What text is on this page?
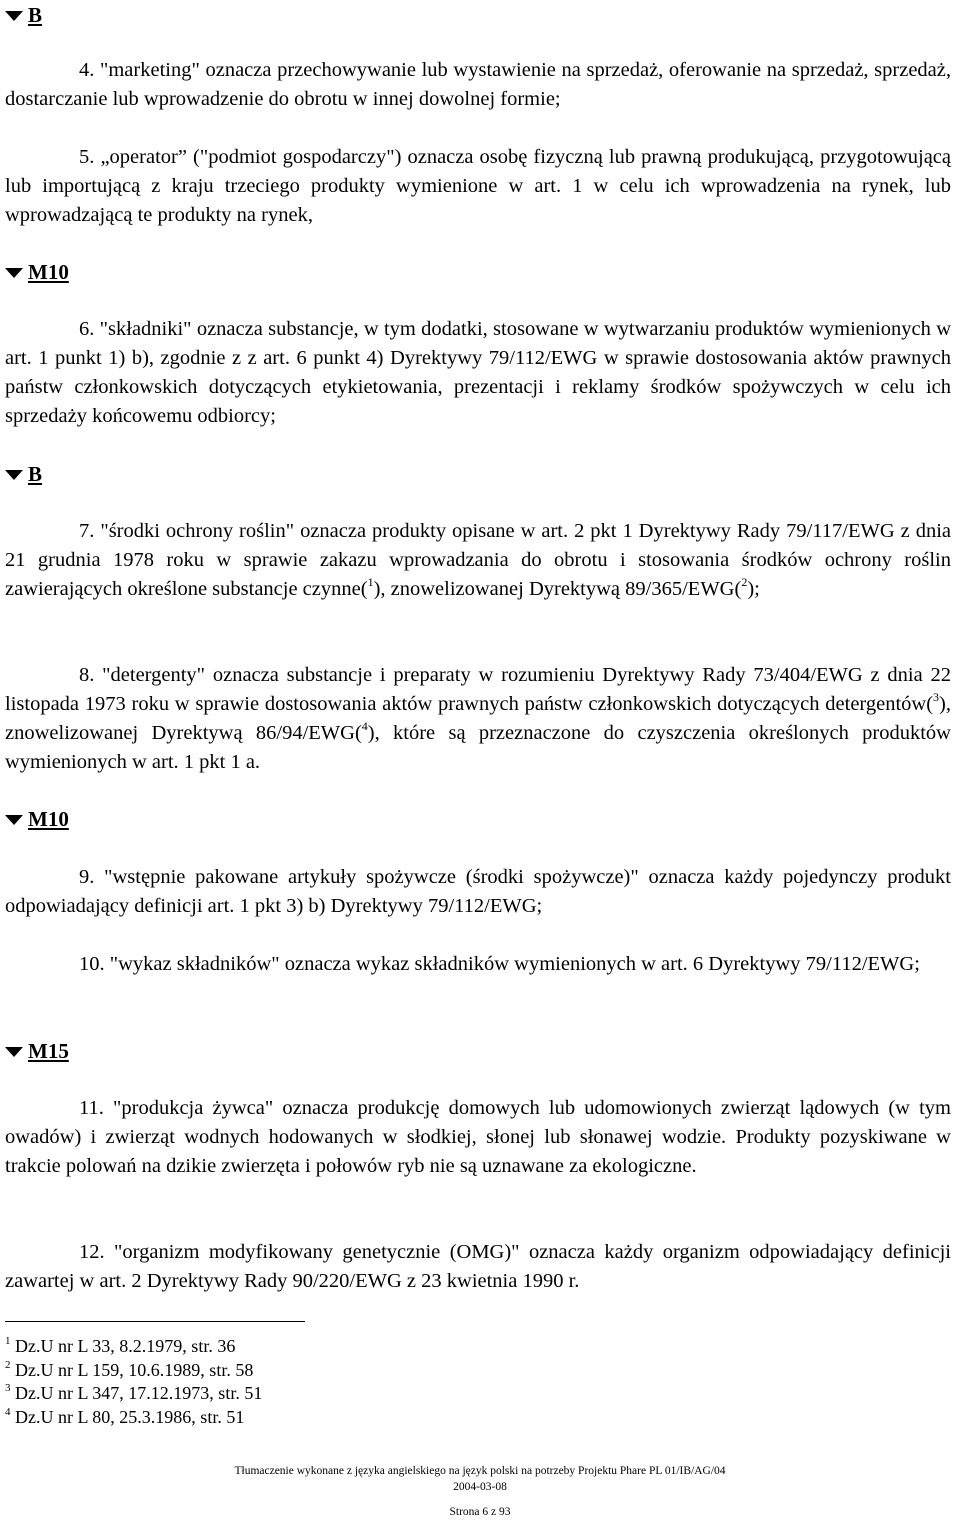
B

4. "marketing" oznacza przechowywanie lub wystawienie na sprzedaż, oferowanie na sprzedaż, sprzedaż, dostarczanie lub wprowadzenie do obrotu w innej dowolnej formie;

5. „operator” ("podmiot gospodarczy") oznacza osobę fizyczną lub prawną produkującą, przygotowującą lub importującą z kraju trzeciego produkty wymienione w art. 1 w celu ich wprowadzenia na rynek, lub wprowadzającą te produkty na rynek,

M10

6. "składniki" oznacza substancje, w tym dodatki, stosowane w wytwarzaniu produktów wymienionych w art. 1 punkt 1) b), zgodnie z z art. 6 punkt 4) Dyrektywy 79/112/EWG w sprawie dostosowania aktów prawnych państw członkowskich dotyczących etykietowania, prezentacji i reklamy środków spożywczych w celu ich sprzedaży końcowemu odbiorcy;

B

7. "środki ochrony roślin" oznacza produkty opisane w art. 2 pkt 1 Dyrektywy Rady 79/117/EWG z dnia 21 grudnia 1978 roku w sprawie zakazu wprowadzania do obrotu i stosowania środków ochrony roślin zawierających określone substancje czynne($^1$), znowelizowanej Dyrektywą 89/365/EWG($^2$);

8. "detergenty" oznacza substancje i preparaty w rozumieniu Dyrektywy Rady 73/404/EWG z dnia 22 listopada 1973 roku w sprawie dostosowania aktów prawnych państw członkowskich dotyczących detergentów($^3$), znowelizowanej Dyrektywą 86/94/EWG($^4$), które są przeznaczone do czyszczenia określonych produktów wymienionych w art. 1 pkt 1 a.

M10

9. "wstępnie pakowane artykuły spożywcze (środki spożywcze)" oznacza każdy pojedynczy produkt odpowiadający definicji art. 1 pkt 3) b) Dyrektywy 79/112/EWG;

10. "wykaz składników" oznacza wykaz składników wymienionych w art. 6 Dyrektywy 79/112/EWG;

M15

11. "produkcja żywca" oznacza produkcję domowych lub udomowionych zwierząt lądowych (w tym owadów) i zwierząt wodnych hodowanych w słodkiej, słonej lub słonawej wodzie. Produkty pozyskiwane w trakcie polowań na dzikie zwierzęta i połowów ryb nie są uznawane za ekologiczne.

12. "organizm modyfikowany genetycznie (OMG)" oznacza każdy organizm odpowiadający definicji zawartej w art. 2 Dyrektywy Rady 90/220/EWG z 23 kwietnia 1990 r.

$^1$ Dz.U nr L 33, 8.2.1979, str. 36
$^2$ Dz.U nr L 159, 10.6.1989, str. 58
$^3$ Dz.U nr L 347, 17.12.1973, str. 51
$^4$ Dz.U nr L 80, 25.3.1986, str. 51
Tłumaczenie wykonane z języka angielskiego na język polski na potrzeby Projektu Phare PL 01/IB/AG/04
2004-03-08
Strona 6 z 93
